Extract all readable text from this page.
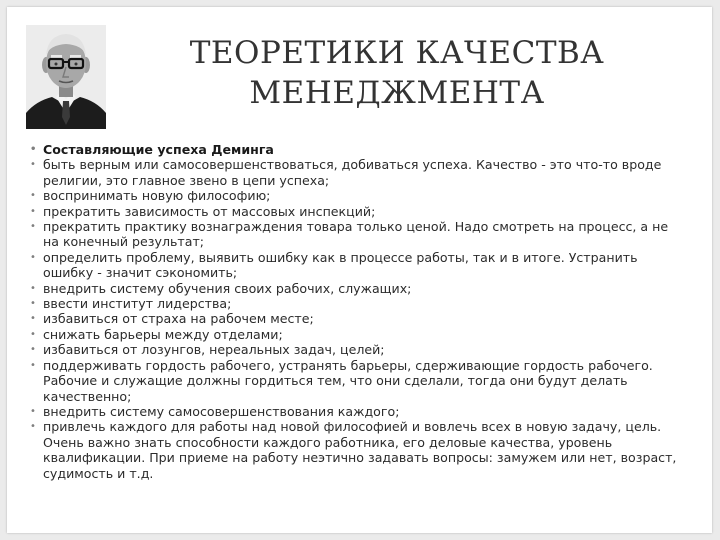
ТЕОРЕТИКИ КАЧЕСТВА
МЕНЕДЖМЕНТА
• Составляющие успеха Деминга
• быть верным или самосовершенствоваться, добиваться успеха. Качество - это что-то вроде религии, это главное звено в цепи успеха;
• воспринимать новую философию;
• прекратить зависимость от массовых инспекций;
• прекратить практику вознаграждения товара только ценой. Надо смотреть на процесс, а не на конечный результат;
• определить проблему, выявить ошибку как в процессе работы, так и в итоге. Устранить ошибку - значит сэкономить;
• внедрить систему обучения своих рабочих, служащих;
• ввести институт лидерства;
• избавиться от страха на рабочем месте;
• снижать барьеры между отделами;
• избавиться от лозунгов, нереальных задач, целей;
• поддерживать гордость рабочего, устранять барьеры, сдерживающие гордость рабочего. Рабочие и служащие должны гордиться тем, что они сделали, тогда они будут делать качественно;
• внедрить систему самосовершенствования каждого;
• привлечь каждого для работы над новой философией и вовлечь всех в новую задачу, цель. Очень важно знать способности каждого работника, его деловые качества, уровень квалификации. При приеме на работу неэтично задавать вопросы: замужем или нет, возраст, судимость и т.д.
